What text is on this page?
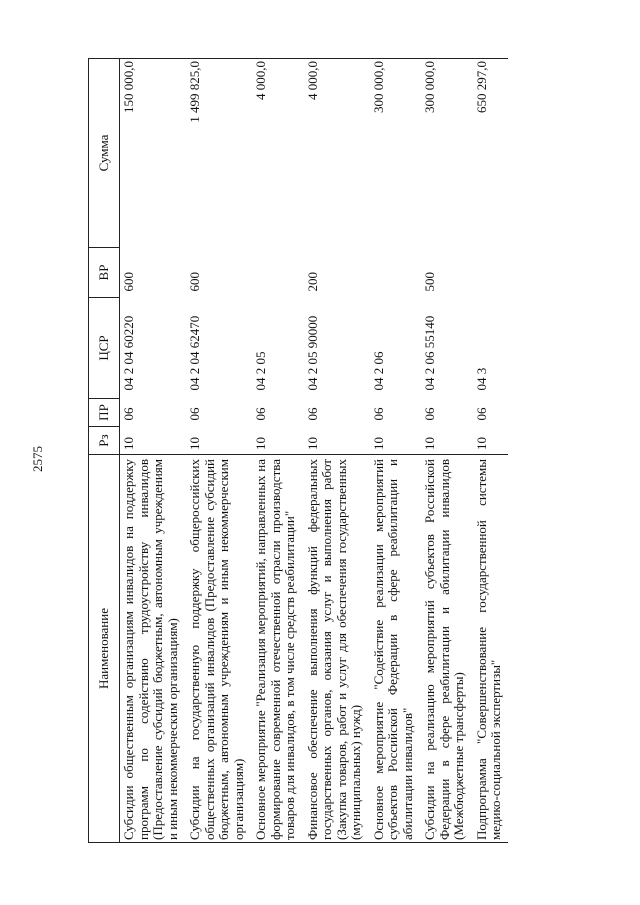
2575
Наименование	Рз	ПР	ЦСР	ВР	Сумма
Субсидии общественным организациям инвалидов на поддержку программ по содействию трудоустройству инвалидов (Предоставление субсидий бюджетным, автономным учреждениям и иным некоммерческим организациям)	10	06	04 2 04 60220	600	150 000,0
Субсидии на государственную поддержку общероссийских общественных организаций инвалидов (Предоставление субсидий бюджетным, автономным учреждениям и иным некоммерческим организациям)	10	06	04 2 04 62470	600	1 499 825,0
Основное мероприятие "Реализация мероприятий, направленных на формирование современной отечественной отрасли производства товаров для инвалидов, в том числе средств реабилитации"	10	06	04 2 05		4 000,0
Финансовое обеспечение выполнения функций федеральных государственных органов, оказания услуг и выполнения работ (Закупка товаров, работ и услуг для обеспечения государственных (муниципальных) нужд)	10	06	04 2 05 90000	200	4 000,0
Основное мероприятие "Содействие реализации мероприятий субъектов Российской Федерации в сфере реабилитации и абилитации инвалидов"	10	06	04 2 06		300 000,0
Субсидии на реализацию мероприятий субъектов Российской Федерации в сфере реабилитации и абилитации инвалидов (Межбюджетные трансферты)	10	06	04 2 06 55140	500	300 000,0
Подпрограмма "Совершенствование государственной системы медико-социальной экспертизы"	10	06	04 3		650 297,0
